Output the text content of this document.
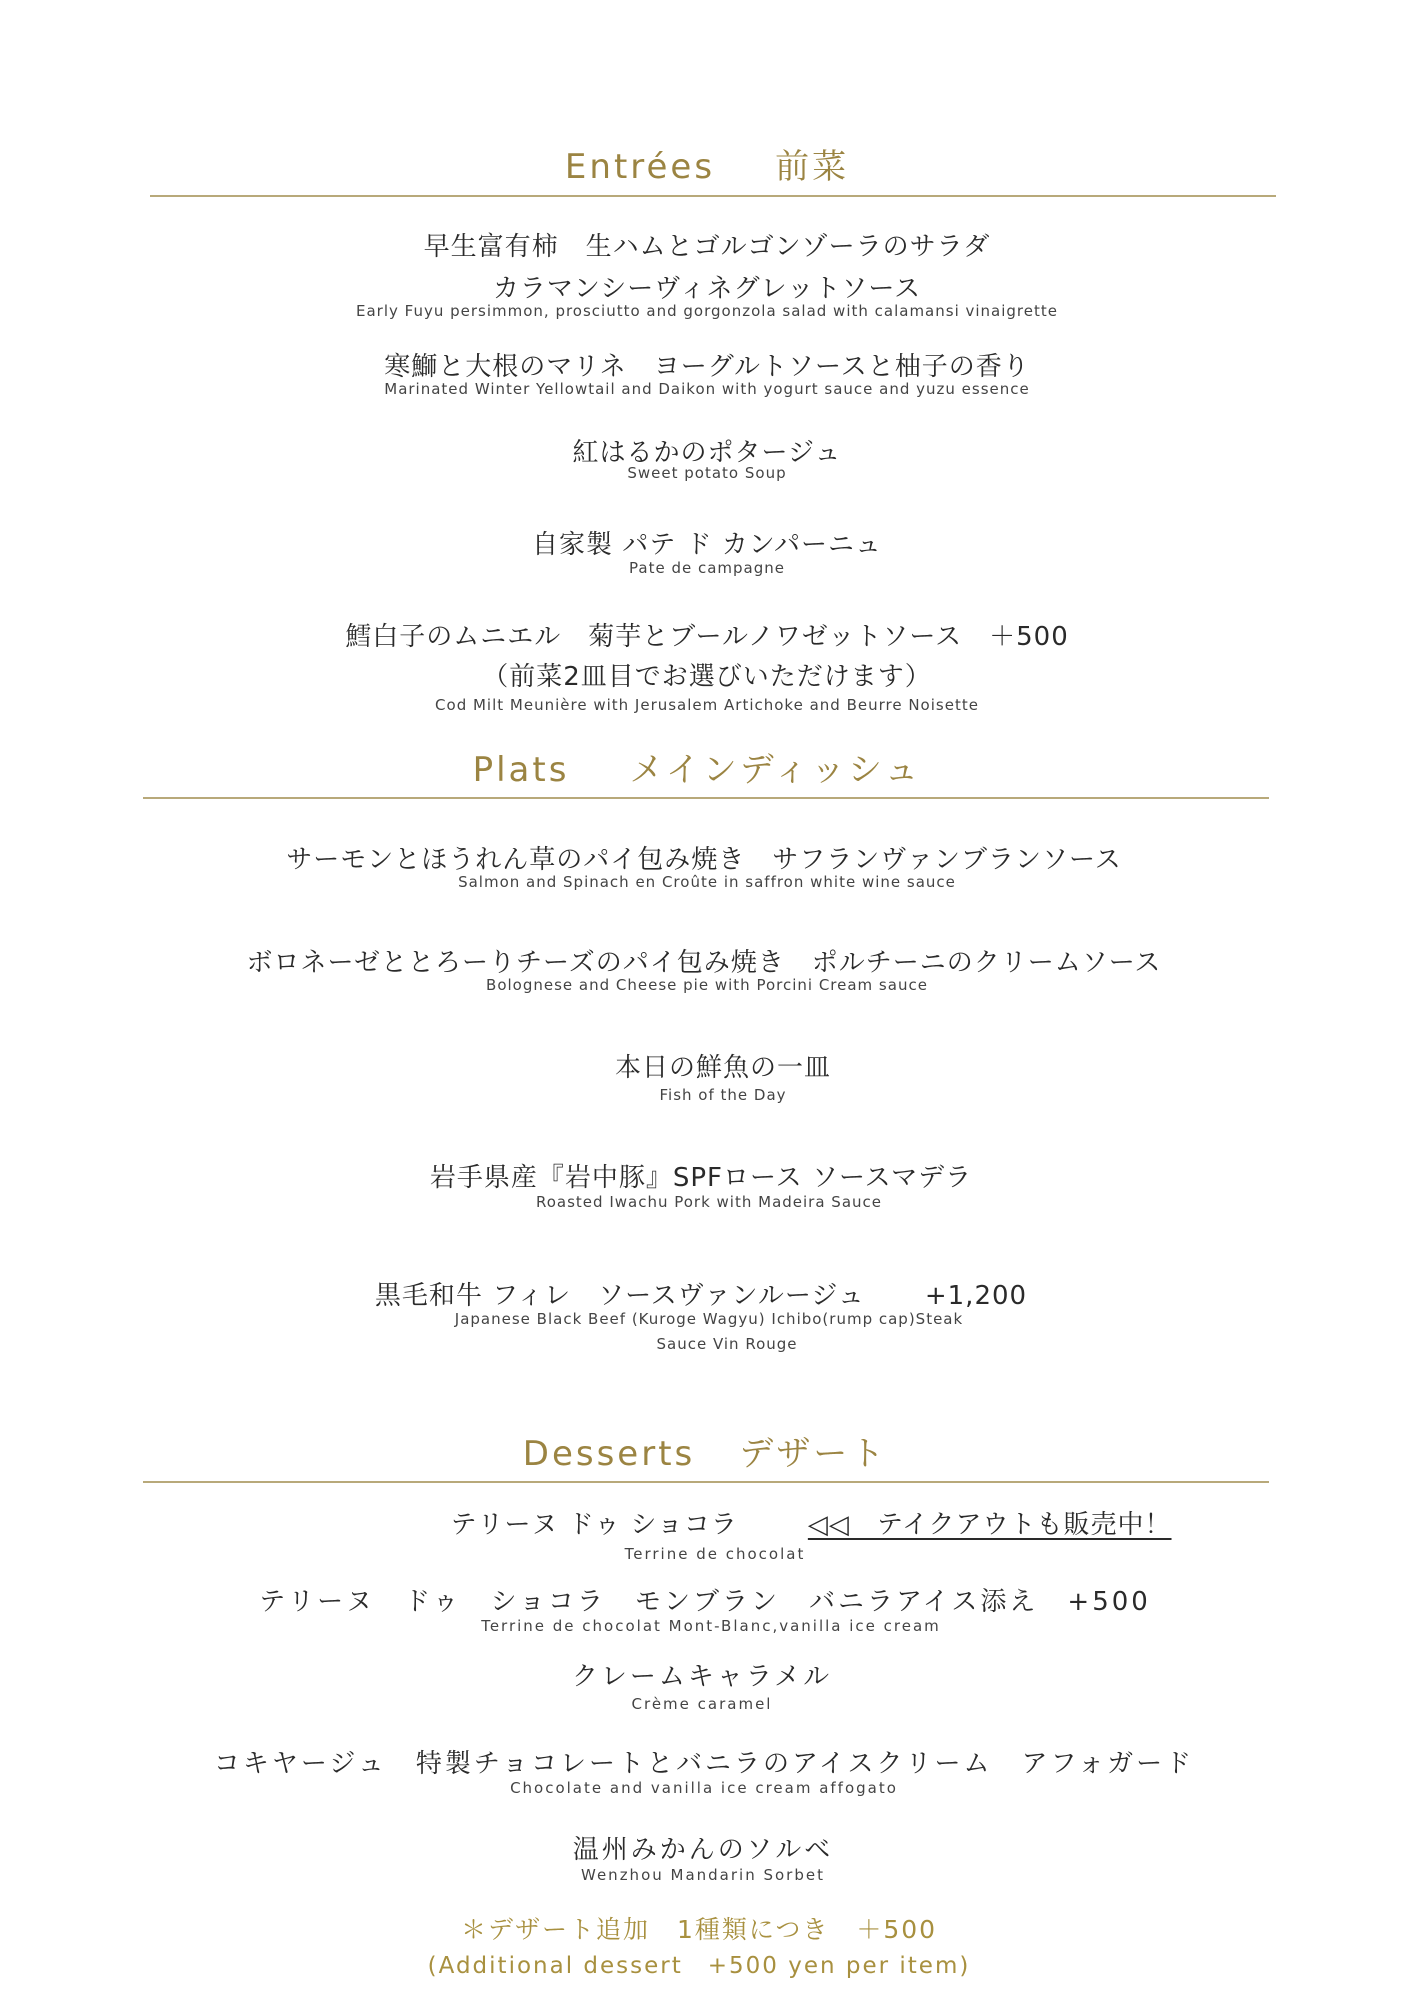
Entrées 前菜
早生富有柿　生ハムとゴルゴンゾーラのサラダ
カラマンシーヴィネグレットソース
Early Fuyu persimmon, prosciutto and gorgonzola salad with calamansi vinaigrette
寒鰤と大根のマリネ　ヨーグルトソースと柚子の香り
Marinated Winter Yellowtail and Daikon with yogurt sauce and yuzu essence
紅はるかのポタージュ
Sweet potato Soup
自家製 パテ ド カンパーニュ
Pate de campagne
鱈白子のムニエル　菊芋とブールノワゼットソース　＋500
（前菜2皿目でお選びいただけます）
Cod Milt Meunière with Jerusalem Artichoke and Beurre Noisette
Plats メインディッシュ
サーモンとほうれん草のパイ包み焼き　サフランヴァンブランソース
Salmon and Spinach en Croûte in saffron white wine sauce
ボロネーゼととろーりチーズのパイ包み焼き　ポルチーニのクリームソース
Bolognese and Cheese pie with Porcini Cream sauce
本日の鮮魚の一皿
Fish of the Day
岩手県産『岩中豚』SPFロース ソースマデラ
Roasted Iwachu Pork with Madeira Sauce
黒毛和牛 フィレ　ソースヴァンルージュ +1,200
Japanese Black Beef (Kuroge Wagyu) Ichibo(rump cap)Steak
Sauce Vin Rouge
Desserts デザート
テリーヌ ドゥ ショコラ	◁◁　テイクアウトも販売中！
Terrine de chocolat
テリーヌ　ドゥ　ショコラ　モンブラン　バニラアイス添え　+500
Terrine de chocolat Mont-Blanc,vanilla ice cream
クレームキャラメル
Crème caramel
コキヤージュ　特製チョコレートとバニラのアイスクリーム　アフォガード
Chocolate and vanilla ice cream affogato
温州みかんのソルベ
Wenzhou Mandarin Sorbet
＊デザート追加　1種類につき　＋500
(Additional dessert　+500 yen per item)
